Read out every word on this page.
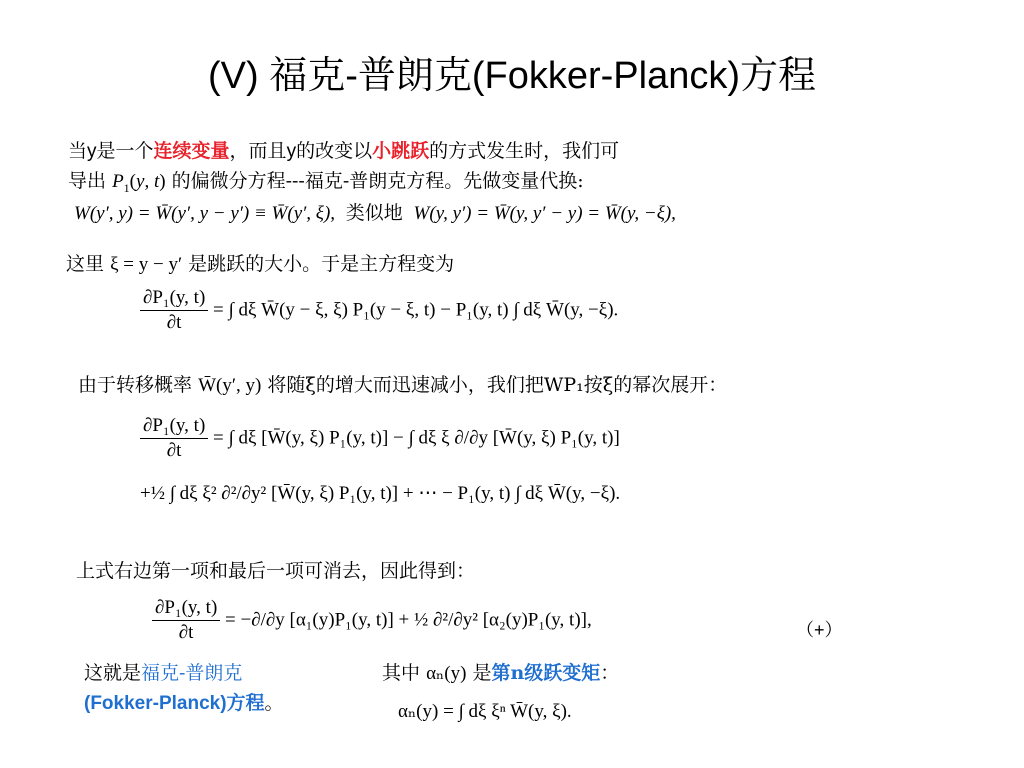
(V) 福克-普朗克(Fokker-Planck)方程
当y是一个连续变量，而且y的改变以小跳跃的方式发生时，我们可
导出 $P_1(y$, t) 的偏微分方程---福克-普朗克方程。先做变量代换:
W(y′, y) = W̄(y′, y − y′) ≡ W̄(y′, ξ), 类似地 W(y, y′) = W̄(y, y′ − y) = W̄(y, −ξ),
这里 ξ = y − y′ 是跳跃的大小。于是主方程变为
$\frac{\text{∂P₁(y, t)}}{\partial t}$ = ∫ dξ W̄(y − ξ, ξ) P₁(y − ξ, t) − P₁(y, t) ∫ dξ W̄(y, −ξ).
由于转移概率 W̄(y′, y) 将随ξ的增大而迅速减小，我们把WP₁按ξ的幂次展开：
$\frac{\text{∂P₁(y, t)}}{\partial t}$ = ∫ dξ [W̄(y, ξ) P₁(y, t)] − ∫ dξ ξ ∂/∂y [W̄(y, ξ) P₁(y, t)]
+½ ∫ dξ ξ² ∂²/∂y² [W̄(y, ξ) P₁(y, t)] + ⋯ − P₁(y, t) ∫ dξ W̄(y, −ξ).
上式右边第一项和最后一项可消去，因此得到：
$\frac{\text{∂P₁(y, t)}}{\partial t} = -\partial/\partial y$ [α₁(y)P₁(y, t)] + ½ ∂²/∂y² [α₂(y)P₁(y, t)],	（+）
这就是福克-普朗克
(Fokker-Planck)方程。
其中 αₙ(y) 是第n级跃变矩：
αₙ(y) = ∫ dξ ξⁿ W̄(y, ξ).
